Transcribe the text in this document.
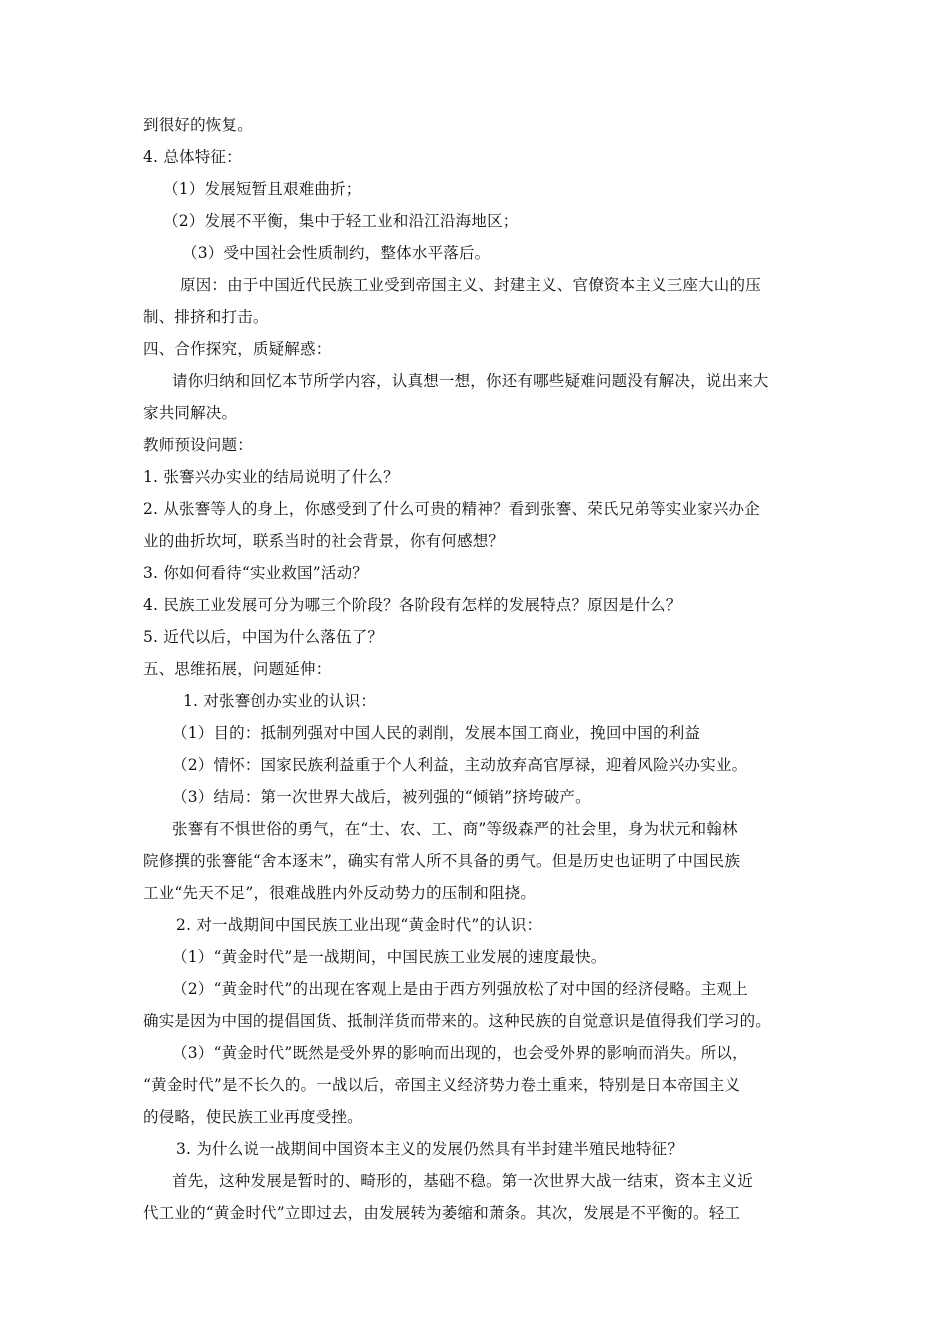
到很好的恢复。
4. 总体特征：
（1）发展短暂且艰难曲折；
（2）发展不平衡，集中于轻工业和沿江沿海地区；
（3）受中国社会性质制约，整体水平落后。
原因：由于中国近代民族工业受到帝国主义、封建主义、官僚资本主义三座大山的压
制、排挤和打击。
四、合作探究，质疑解惑：
请你归纳和回忆本节所学内容，认真想一想，你还有哪些疑难问题没有解决，说出来大
家共同解决。
教师预设问题：
1. 张謇兴办实业的结局说明了什么？
2. 从张謇等人的身上，你感受到了什么可贵的精神？看到张謇、荣氏兄弟等实业家兴办企
业的曲折坎坷，联系当时的社会背景，你有何感想？
3. 你如何看待“实业救国”活动？
4. 民族工业发展可分为哪三个阶段？各阶段有怎样的发展特点？原因是什么？
5. 近代以后，中国为什么落伍了？
五、思维拓展，问题延伸：
1. 对张謇创办实业的认识：
（1）目的：抵制列强对中国人民的剥削，发展本国工商业，挽回中国的利益
（2）情怀：国家民族利益重于个人利益，主动放弃高官厚禄，迎着风险兴办实业。
（3）结局：第一次世界大战后，被列强的“倾销”挤垮破产。
张謇有不惧世俗的勇气，在“士、农、工、商”等级森严的社会里，身为状元和翰林
院修撰的张謇能“舍本逐末”，确实有常人所不具备的勇气。但是历史也证明了中国民族
工业“先天不足”，很难战胜内外反动势力的压制和阻挠。
2. 对一战期间中国民族工业出现“黄金时代”的认识：
（1）“黄金时代”是一战期间，中国民族工业发展的速度最快。
（2）“黄金时代”的出现在客观上是由于西方列强放松了对中国的经济侵略。主观上
确实是因为中国的提倡国货、抵制洋货而带来的。这种民族的自觉意识是值得我们学习的。
（3）“黄金时代”既然是受外界的影响而出现的，也会受外界的影响而消失。所以，
“黄金时代”是不长久的。一战以后，帝国主义经济势力卷土重来，特别是日本帝国主义
的侵略，使民族工业再度受挫。
3. 为什么说一战期间中国资本主义的发展仍然具有半封建半殖民地特征？
首先，这种发展是暂时的、畸形的，基础不稳。第一次世界大战一结束，资本主义近
代工业的“黄金时代”立即过去，由发展转为萎缩和萧条。其次，发展是不平衡的。轻工
